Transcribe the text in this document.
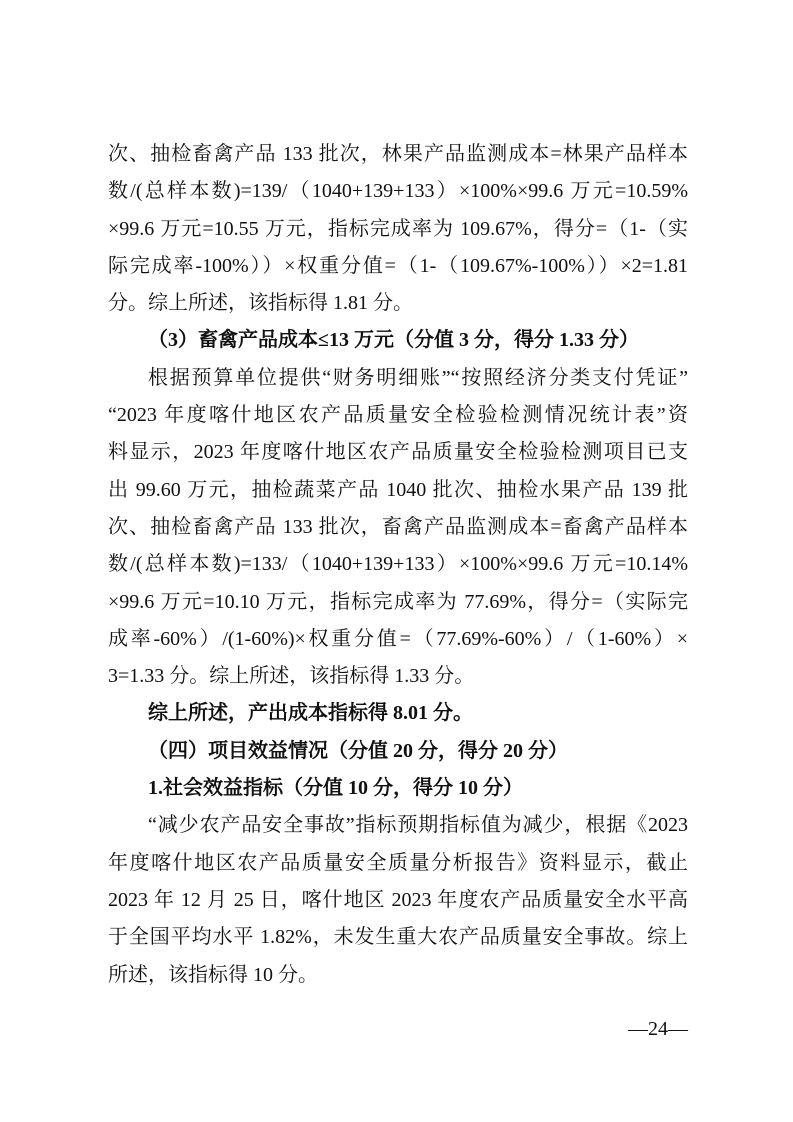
次、抽检畜禽产品 133 批次，林果产品监测成本=林果产品样本
数/(总样本数)=139/（1040+139+133）×100%×99.6 万元=10.59%
×99.6 万元=10.55 万元，指标完成率为 109.67%，得分=（1-（实
际完成率-100%））×权重分值=（1-（109.67%-100%））×2=1.81
分。综上所述，该指标得 1.81 分。
（3）畜禽产品成本≤13 万元（分值 3 分，得分 1.33 分）
根据预算单位提供“财务明细账”“按照经济分类支付凭证”
“2023 年度喀什地区农产品质量安全检验检测情况统计表”资
料显示，2023 年度喀什地区农产品质量安全检验检测项目已支
出 99.60 万元，抽检蔬菜产品 1040 批次、抽检水果产品 139 批
次、抽检畜禽产品 133 批次，畜禽产品监测成本=畜禽产品样本
数/(总样本数)=133/（1040+139+133）×100%×99.6 万元=10.14%
×99.6 万元=10.10 万元，指标完成率为 77.69%，得分=（实际完
成率-60%）/(1-60%)×权重分值=（77.69%-60%）/（1-60%）×
3=1.33 分。综上所述，该指标得 1.33 分。
综上所述，产出成本指标得 8.01 分。
（四）项目效益情况（分值 20 分，得分 20 分）
1.社会效益指标（分值 10 分，得分 10 分）
“减少农产品安全事故”指标预期指标值为减少，根据《2023
年度喀什地区农产品质量安全质量分析报告》资料显示，截止
2023 年 12 月 25 日，喀什地区 2023 年度农产品质量安全水平高
于全国平均水平 1.82%，未发生重大农产品质量安全事故。综上
所述，该指标得 10 分。
—24—
